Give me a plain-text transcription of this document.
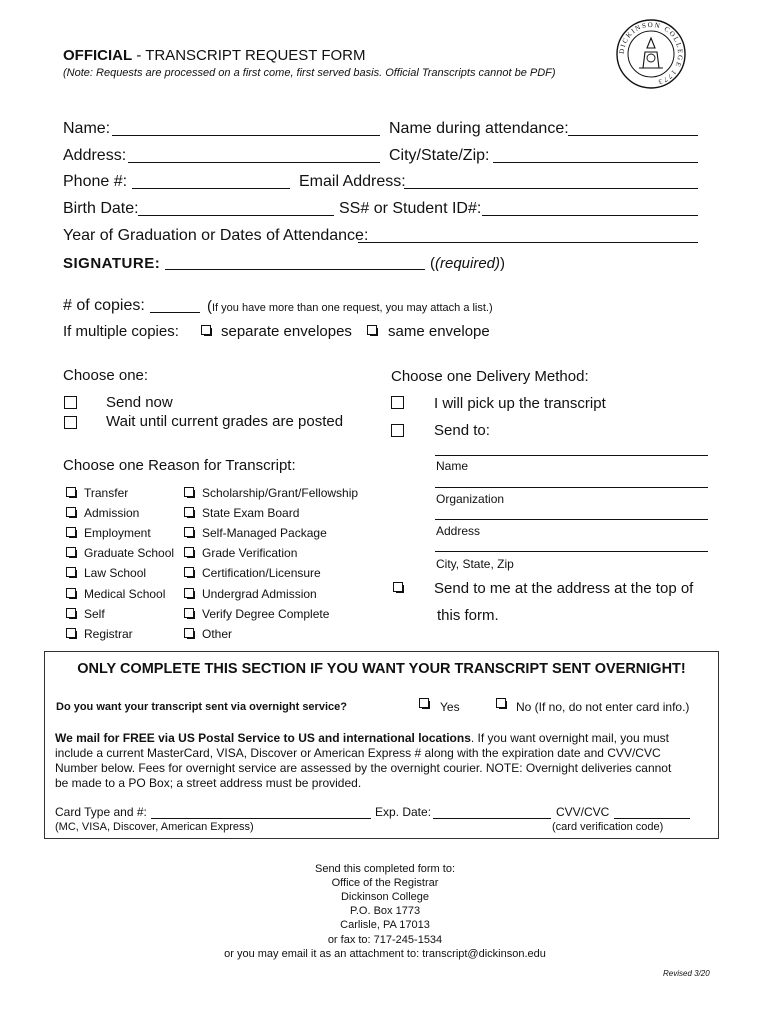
OFFICIAL - TRANSCRIPT REQUEST FORM
(Note: Requests are processed on a first come, first served basis. Official Transcripts cannot be PDF)
DICKINSON COLLEGE 1773
Name:	Name during attendance:
Address:	City/State/Zip:
Phone #:	Email Address:
Birth Date:	SS# or Student ID#:
Year of Graduation or Dates of Attendance:
SIGNATURE:	((required))
# of copies:	(If you have more than one request, you may attach a list.)
If multiple copies:	separate envelopes same envelope
Choose one:
Send now
Wait until current grades are posted
Choose one Delivery Method:
I will pick up the transcript
Send to:
Name
Organization
Address
City, State, Zip
Send to me at the address at the top of
this form.
Choose one Reason for Transcript:
Transfer
Admission
Employment
Graduate School
Law School
Medical School
Self
Registrar
Scholarship/Grant/Fellowship
State Exam Board
Self-Managed Package
Grade Verification
Certification/Licensure
Undergrad Admission
Verify Degree Complete
Other
ONLY COMPLETE THIS SECTION IF YOU WANT YOUR TRANSCRIPT SENT OVERNIGHT!
Do you want your transcript sent via overnight service?	Yes	No (If no, do not enter card info.)
We mail for FREE via US Postal Service to US and international locations. If you want overnight mail, you must
include a current MasterCard, VISA, Discover or American Express # along with the expiration date and CVV/CVC
Number below. Fees for overnight service are assessed by the overnight courier. NOTE: Overnight deliveries cannot
be made to a PO Box; a street address must be provided.
Card Type and #:	Exp. Date:	CVV/CVC
(MC, VISA, Discover, American Express)	(card verification code)
Send this completed form to:
Office of the Registrar
Dickinson College
P.O. Box 1773
Carlisle, PA 17013
or fax to: 717-245-1534
or you may email it as an attachment to: transcript@dickinson.edu
Revised 3/20
